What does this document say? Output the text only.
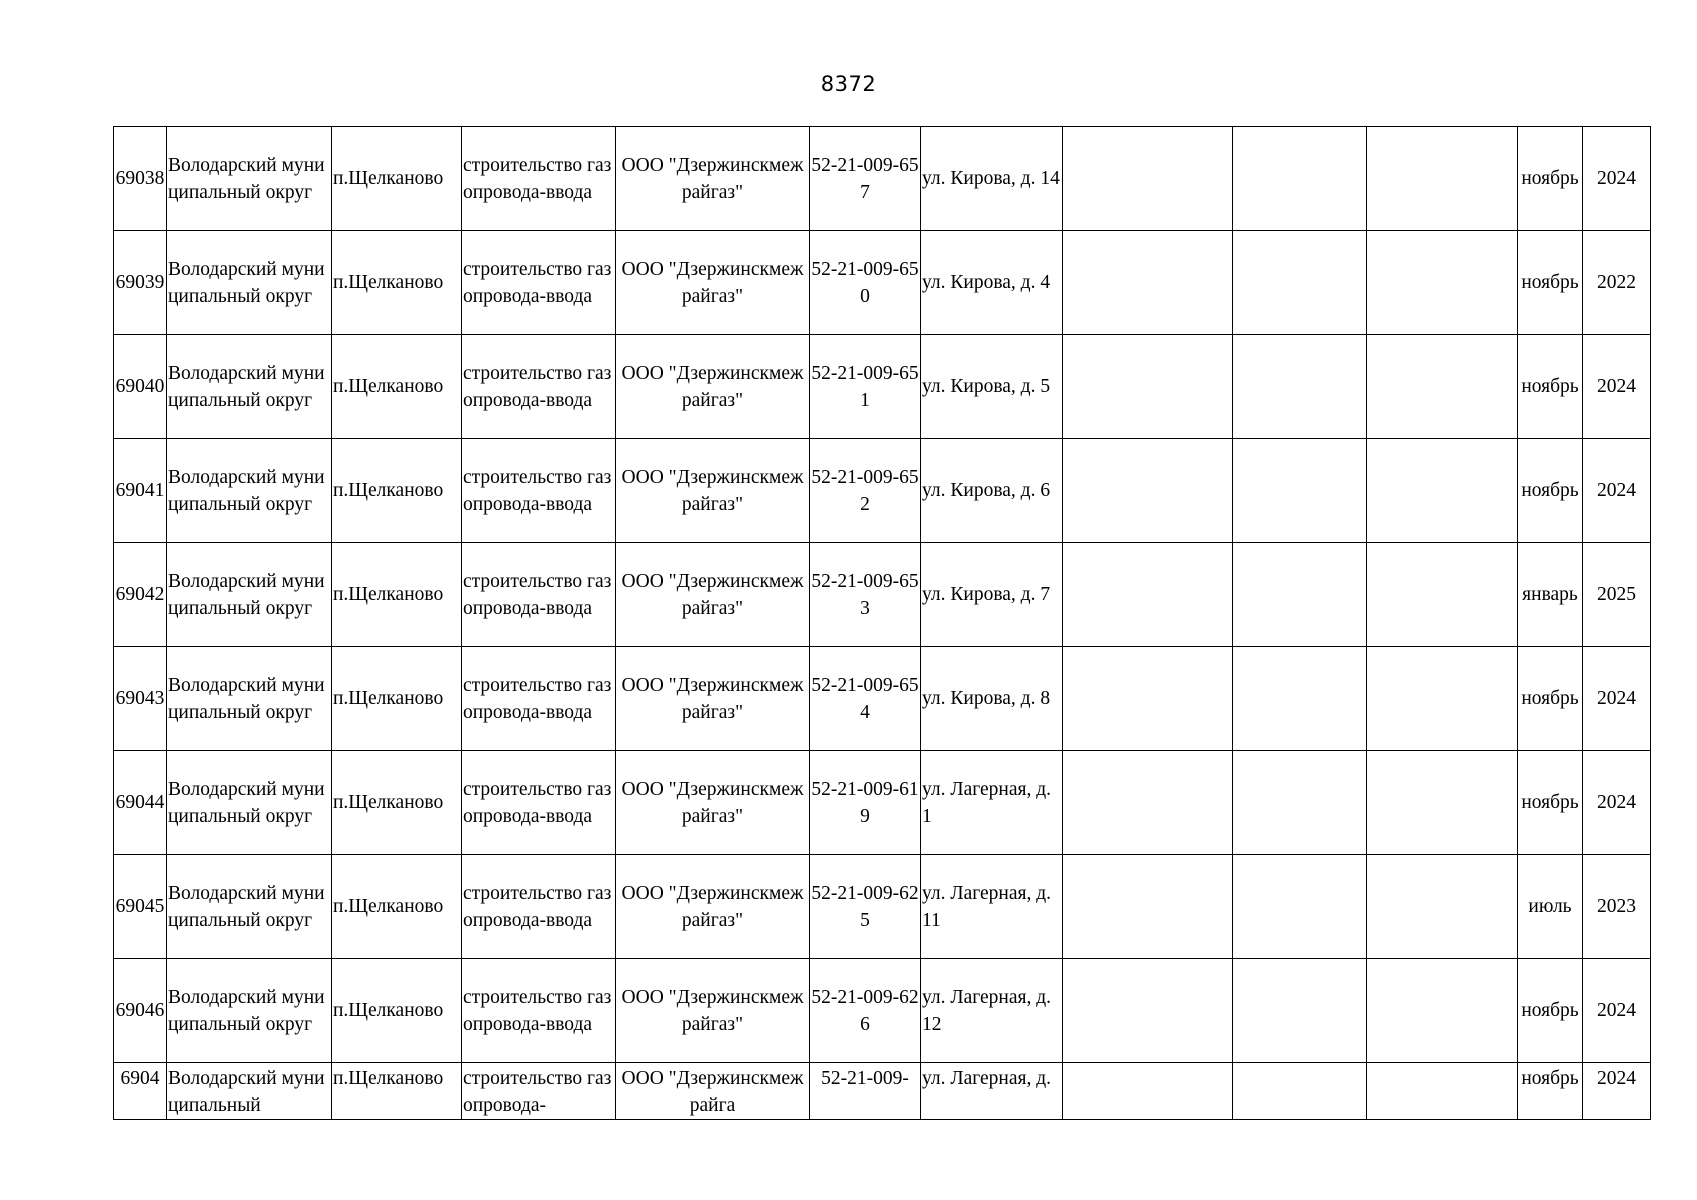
8372
69038	Володарский муниципальный округ	п.Щелканово	строительство газопровода-ввода	ООО "Дзержинскмежрайгаз"	52-21-009-657	ул. Кирова, д. 14				ноябрь	2024
69039	Володарский муниципальный округ	п.Щелканово	строительство газопровода-ввода	ООО "Дзержинскмежрайгаз"	52-21-009-650	ул. Кирова, д. 4				ноябрь	2022
69040	Володарский муниципальный округ	п.Щелканово	строительство газопровода-ввода	ООО "Дзержинскмежрайгаз"	52-21-009-651	ул. Кирова, д. 5				ноябрь	2024
69041	Володарский муниципальный округ	п.Щелканово	строительство газопровода-ввода	ООО "Дзержинскмежрайгаз"	52-21-009-652	ул. Кирова, д. 6				ноябрь	2024
69042	Володарский муниципальный округ	п.Щелканово	строительство газопровода-ввода	ООО "Дзержинскмежрайгаз"	52-21-009-653	ул. Кирова, д. 7				январь	2025
69043	Володарский муниципальный округ	п.Щелканово	строительство газопровода-ввода	ООО "Дзержинскмежрайгаз"	52-21-009-654	ул. Кирова, д. 8				ноябрь	2024
69044	Володарский муниципальный округ	п.Щелканово	строительство газопровода-ввода	ООО "Дзержинскмежрайгаз"	52-21-009-619	ул. Лагерная, д. 1				ноябрь	2024
69045	Володарский муниципальный округ	п.Щелканово	строительство газопровода-ввода	ООО "Дзержинскмежрайгаз"	52-21-009-625	ул. Лагерная, д. 11				июль	2023
69046	Володарский муниципальный округ	п.Щелканово	строительство газопровода-ввода	ООО "Дзержинскмежрайгаз"	52-21-009-626	ул. Лагерная, д. 12				ноябрь	2024
6904	Володарский муниципальный	п.Щелканово	строительство газопровода-	ООО "Дзержинскмежрайга	52-21-009-	ул. Лагерная, д.				ноябрь	2024
